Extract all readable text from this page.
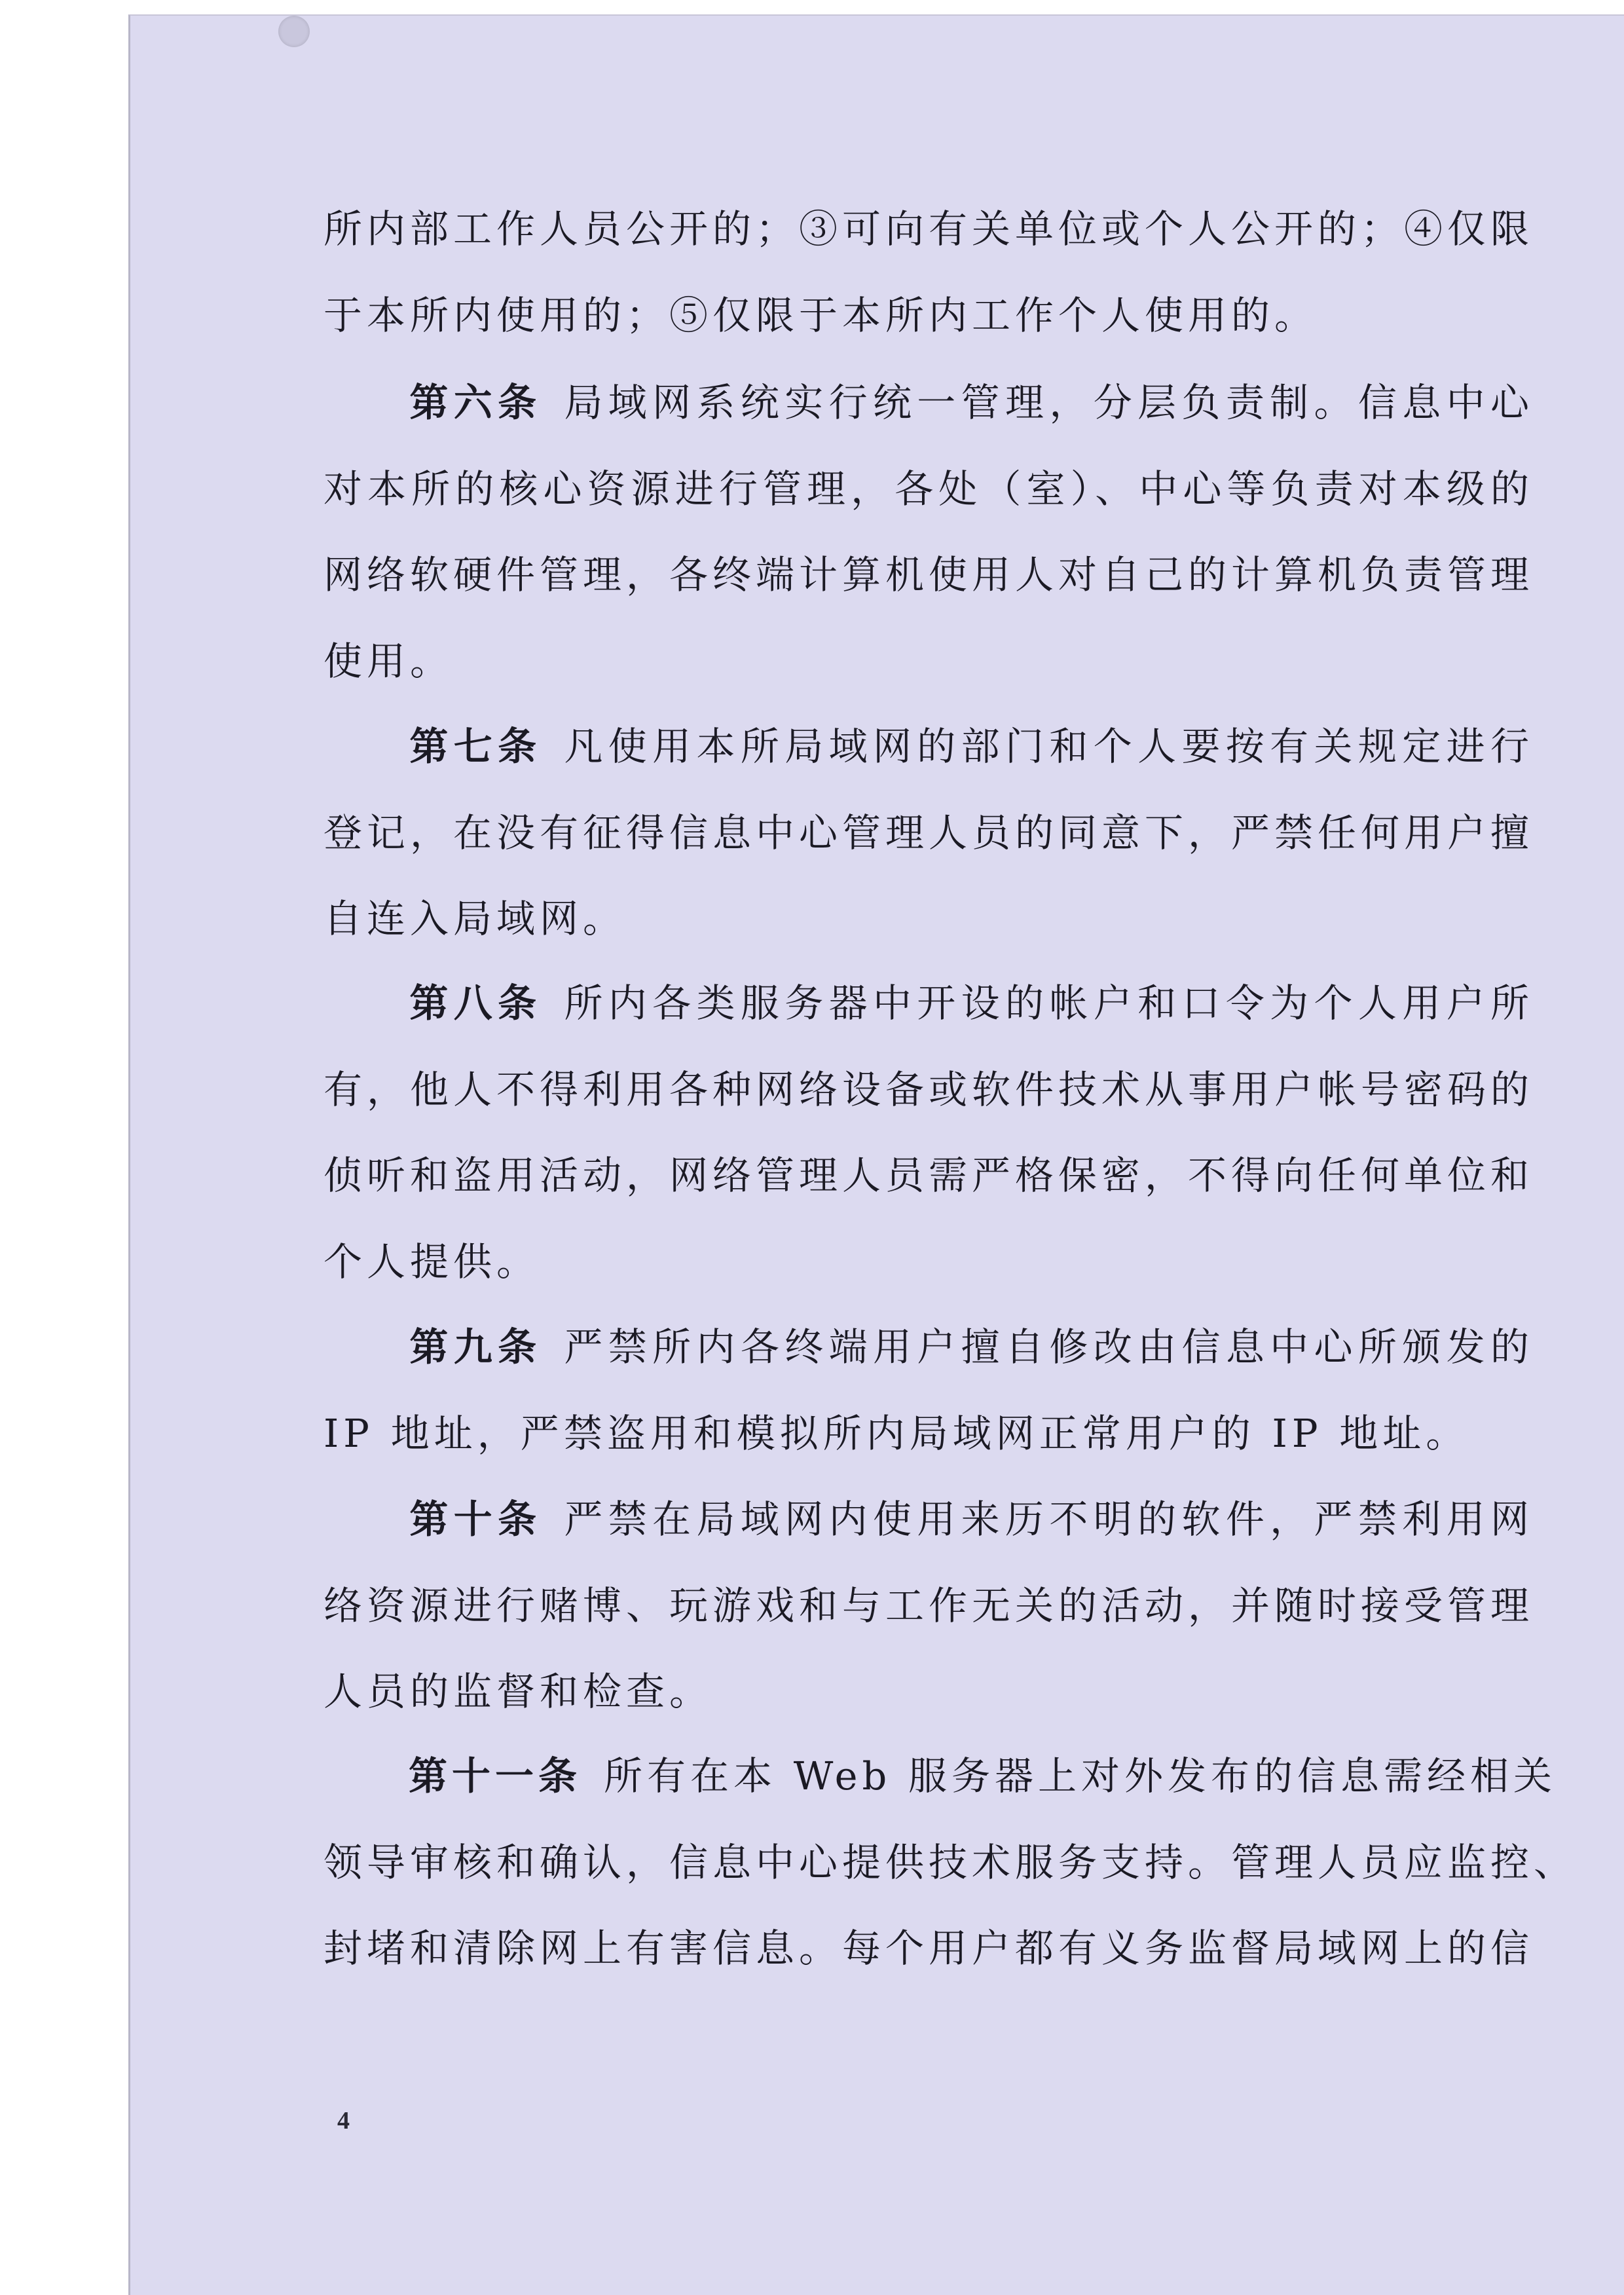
所内部工作人员公开的；③可向有关单位或个人公开的；④仅限
于本所内使用的；⑤仅限于本所内工作个人使用的。
第六条 局域网系统实行统一管理，分层负责制。信息中心
对本所的核心资源进行管理，各处（室）、中心等负责对本级的
网络软硬件管理，各终端计算机使用人对自己的计算机负责管理
使用。
第七条 凡使用本所局域网的部门和个人要按有关规定进行
登记，在没有征得信息中心管理人员的同意下，严禁任何用户擅
自连入局域网。
第八条 所内各类服务器中开设的帐户和口令为个人用户所
有，他人不得利用各种网络设备或软件技术从事用户帐号密码的
侦听和盗用活动，网络管理人员需严格保密，不得向任何单位和
个人提供。
第九条 严禁所内各终端用户擅自修改由信息中心所颁发的
IP 地址，严禁盗用和模拟所内局域网正常用户的 IP 地址。
第十条 严禁在局域网内使用来历不明的软件，严禁利用网
络资源进行赌博、玩游戏和与工作无关的活动，并随时接受管理
人员的监督和检查。
第十一条 所有在本 Web 服务器上对外发布的信息需经相关
领导审核和确认，信息中心提供技术服务支持。管理人员应监控、
封堵和清除网上有害信息。每个用户都有义务监督局域网上的信
4
